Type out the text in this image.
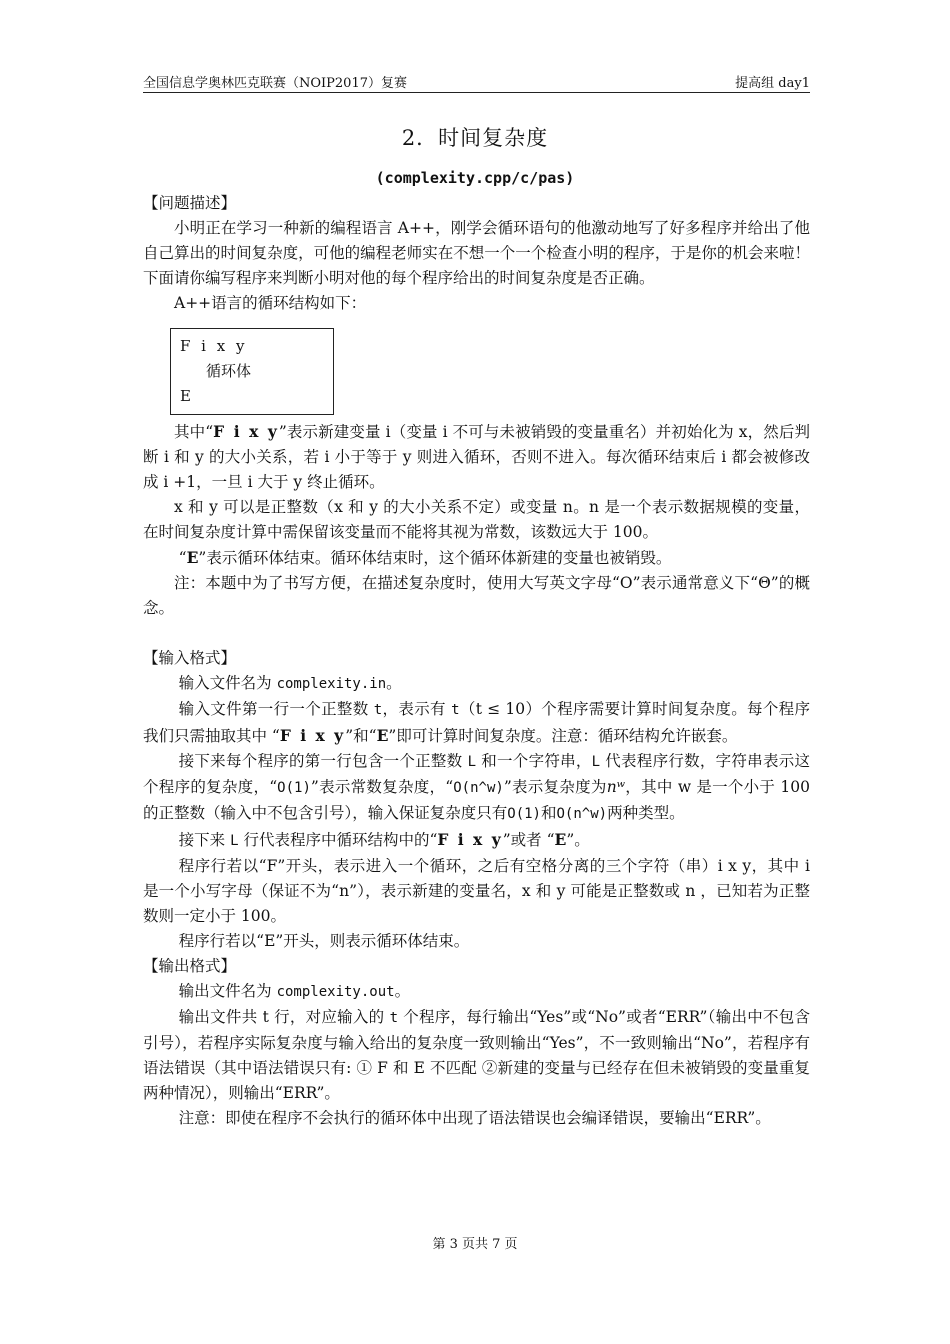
全国信息学奥林匹克联赛（NOIP2017）复赛	提高组 day1
2．时间复杂度
(complexity.cpp/c/pas)

【问题描述】

小明正在学习一种新的编程语言 A++，刚学会循环语句的他激动地写了好多程序并给出了他自己算出的时间复杂度，可他的编程老师实在不想一个一个检查小明的程序，于是你的机会来啦！下面请你编写程序来判断小明对他的每个程序给出的时间复杂度是否正确。

A++语言的循环结构如下：

F i x y
循环体
E

其中“F i x y”表示新建变量 i（变量 i 不可与未被销毁的变量重名）并初始化为 x，然后判断 i 和 y 的大小关系，若 i 小于等于 y 则进入循环，否则不进入。每次循环结束后 i 都会被修改成 i +1，一旦 i 大于 y 终止循环。

x 和 y 可以是正整数（x 和 y 的大小关系不定）或变量 n。n 是一个表示数据规模的变量，在时间复杂度计算中需保留该变量而不能将其视为常数，该数远大于 100。

“E”表示循环体结束。循环体结束时，这个循环体新建的变量也被销毁。

注：本题中为了书写方便，在描述复杂度时，使用大写英文字母“O”表示通常意义下“Θ”的概念。

【输入格式】

输入文件名为 complexity.in。

输入文件第一行一个正整数 t，表示有 t（t ≤ 10）个程序需要计算时间复杂度。每个程序我们只需抽取其中 “F i x y”和“E”即可计算时间复杂度。注意：循环结构允许嵌套。

接下来每个程序的第一行包含一个正整数 L 和一个字符串，L 代表程序行数，字符串表示这个程序的复杂度，“O(1)”表示常数复杂度，“O(n^w)”表示复杂度为nʷ，其中 w 是一个小于 100 的正整数（输入中不包含引号），输入保证复杂度只有O(1)和O(n^w)两种类型。

接下来 L 行代表程序中循环结构中的“F i x y”或者 “E”。

程序行若以“F”开头，表示进入一个循环，之后有空格分离的三个字符（串）i x y，其中 i 是一个小写字母（保证不为“n”），表示新建的变量名，x 和 y 可能是正整数或 n ，已知若为正整数则一定小于 100。

程序行若以“E”开头，则表示循环体结束。

【输出格式】

输出文件名为 complexity.out。

输出文件共 t 行，对应输入的 t 个程序，每行输出“Yes”或“No”或者“ERR”（输出中不包含引号），若程序实际复杂度与输入给出的复杂度一致则输出“Yes”，不一致则输出“No”，若程序有语法错误（其中语法错误只有: ① F 和 E 不匹配 ②新建的变量与已经存在但未被销毁的变量重复两种情况），则输出“ERR”。

注意：即使在程序不会执行的循环体中出现了语法错误也会编译错误，要输出“ERR”。

第 3 页共 7 页
